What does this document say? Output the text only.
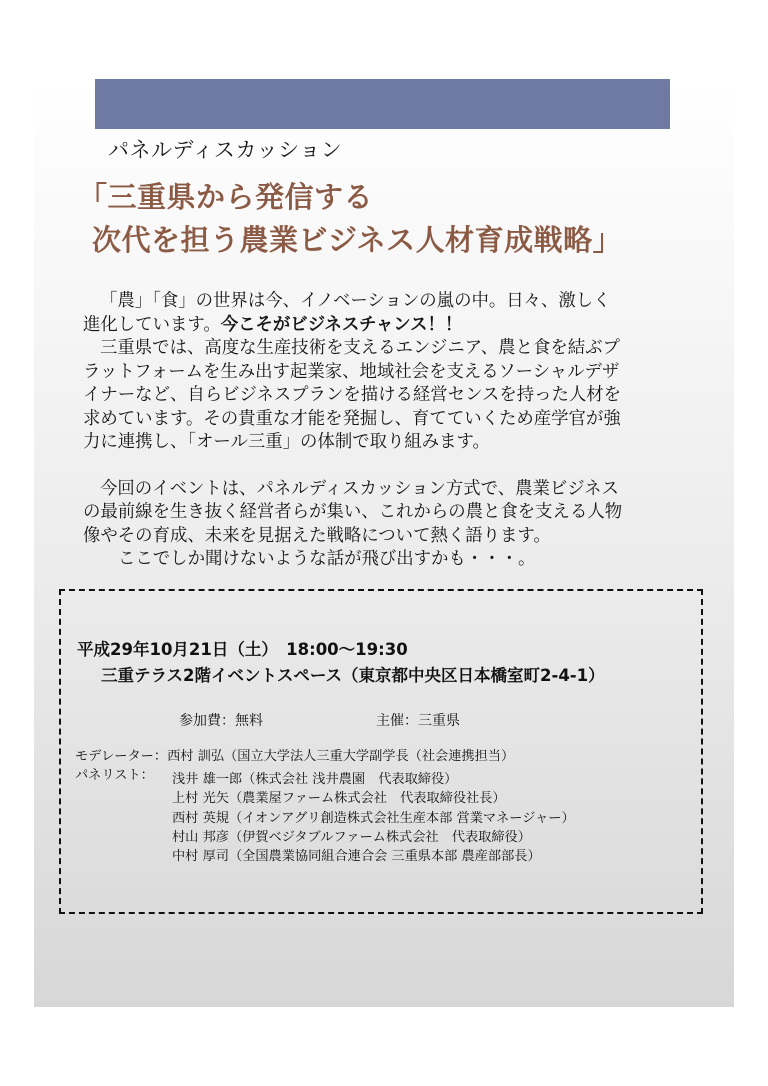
パネルディスカッション
「三重県から発信する
次代を担う農業ビジネス人材育成戦略」

「農」「食」の世界は今、イノベーションの嵐の中。日々、激しく

進化しています。今こそがビジネスチャンス！！

三重県では、高度な生産技術を支えるエンジニア、農と食を結ぶプ

ラットフォームを生み出す起業家、地域社会を支えるソーシャルデザ

イナーなど、自らビジネスプランを描ける経営センスを持った人材を

求めています。その貴重な才能を発掘し、育てていくため産学官が強

力に連携し、「オール三重」の体制で取り組みます。

今回のイベントは、パネルディスカッション方式で、農業ビジネス

の最前線を生き抜く経営者らが集い、これからの農と食を支える人物

像やその育成、未来を見据えた戦略について熱く語ります。

ここでしか聞けないような話が飛び出すかも・・・。

平成29年10月21日（土）　18:00～19:30
三重テラス2階イベントスペース（東京都中央区日本橋室町2-4-1）
参加費：無料	主催：三重県
モデレーター： 西村 訓弘（国立大学法人三重大学副学長（社会連携担当）
パネリスト：	浅井 雄一郎（株式会社 浅井農園　代表取締役）
上村 光矢（農業屋ファーム株式会社　代表取締役社長）
西村 英規（イオンアグリ創造株式会社生産本部 営業マネージャー）
村山 邦彦（伊賀ベジタブルファーム株式会社　代表取締役）
中村 厚司（全国農業協同組合連合会 三重県本部 農産部部長）
